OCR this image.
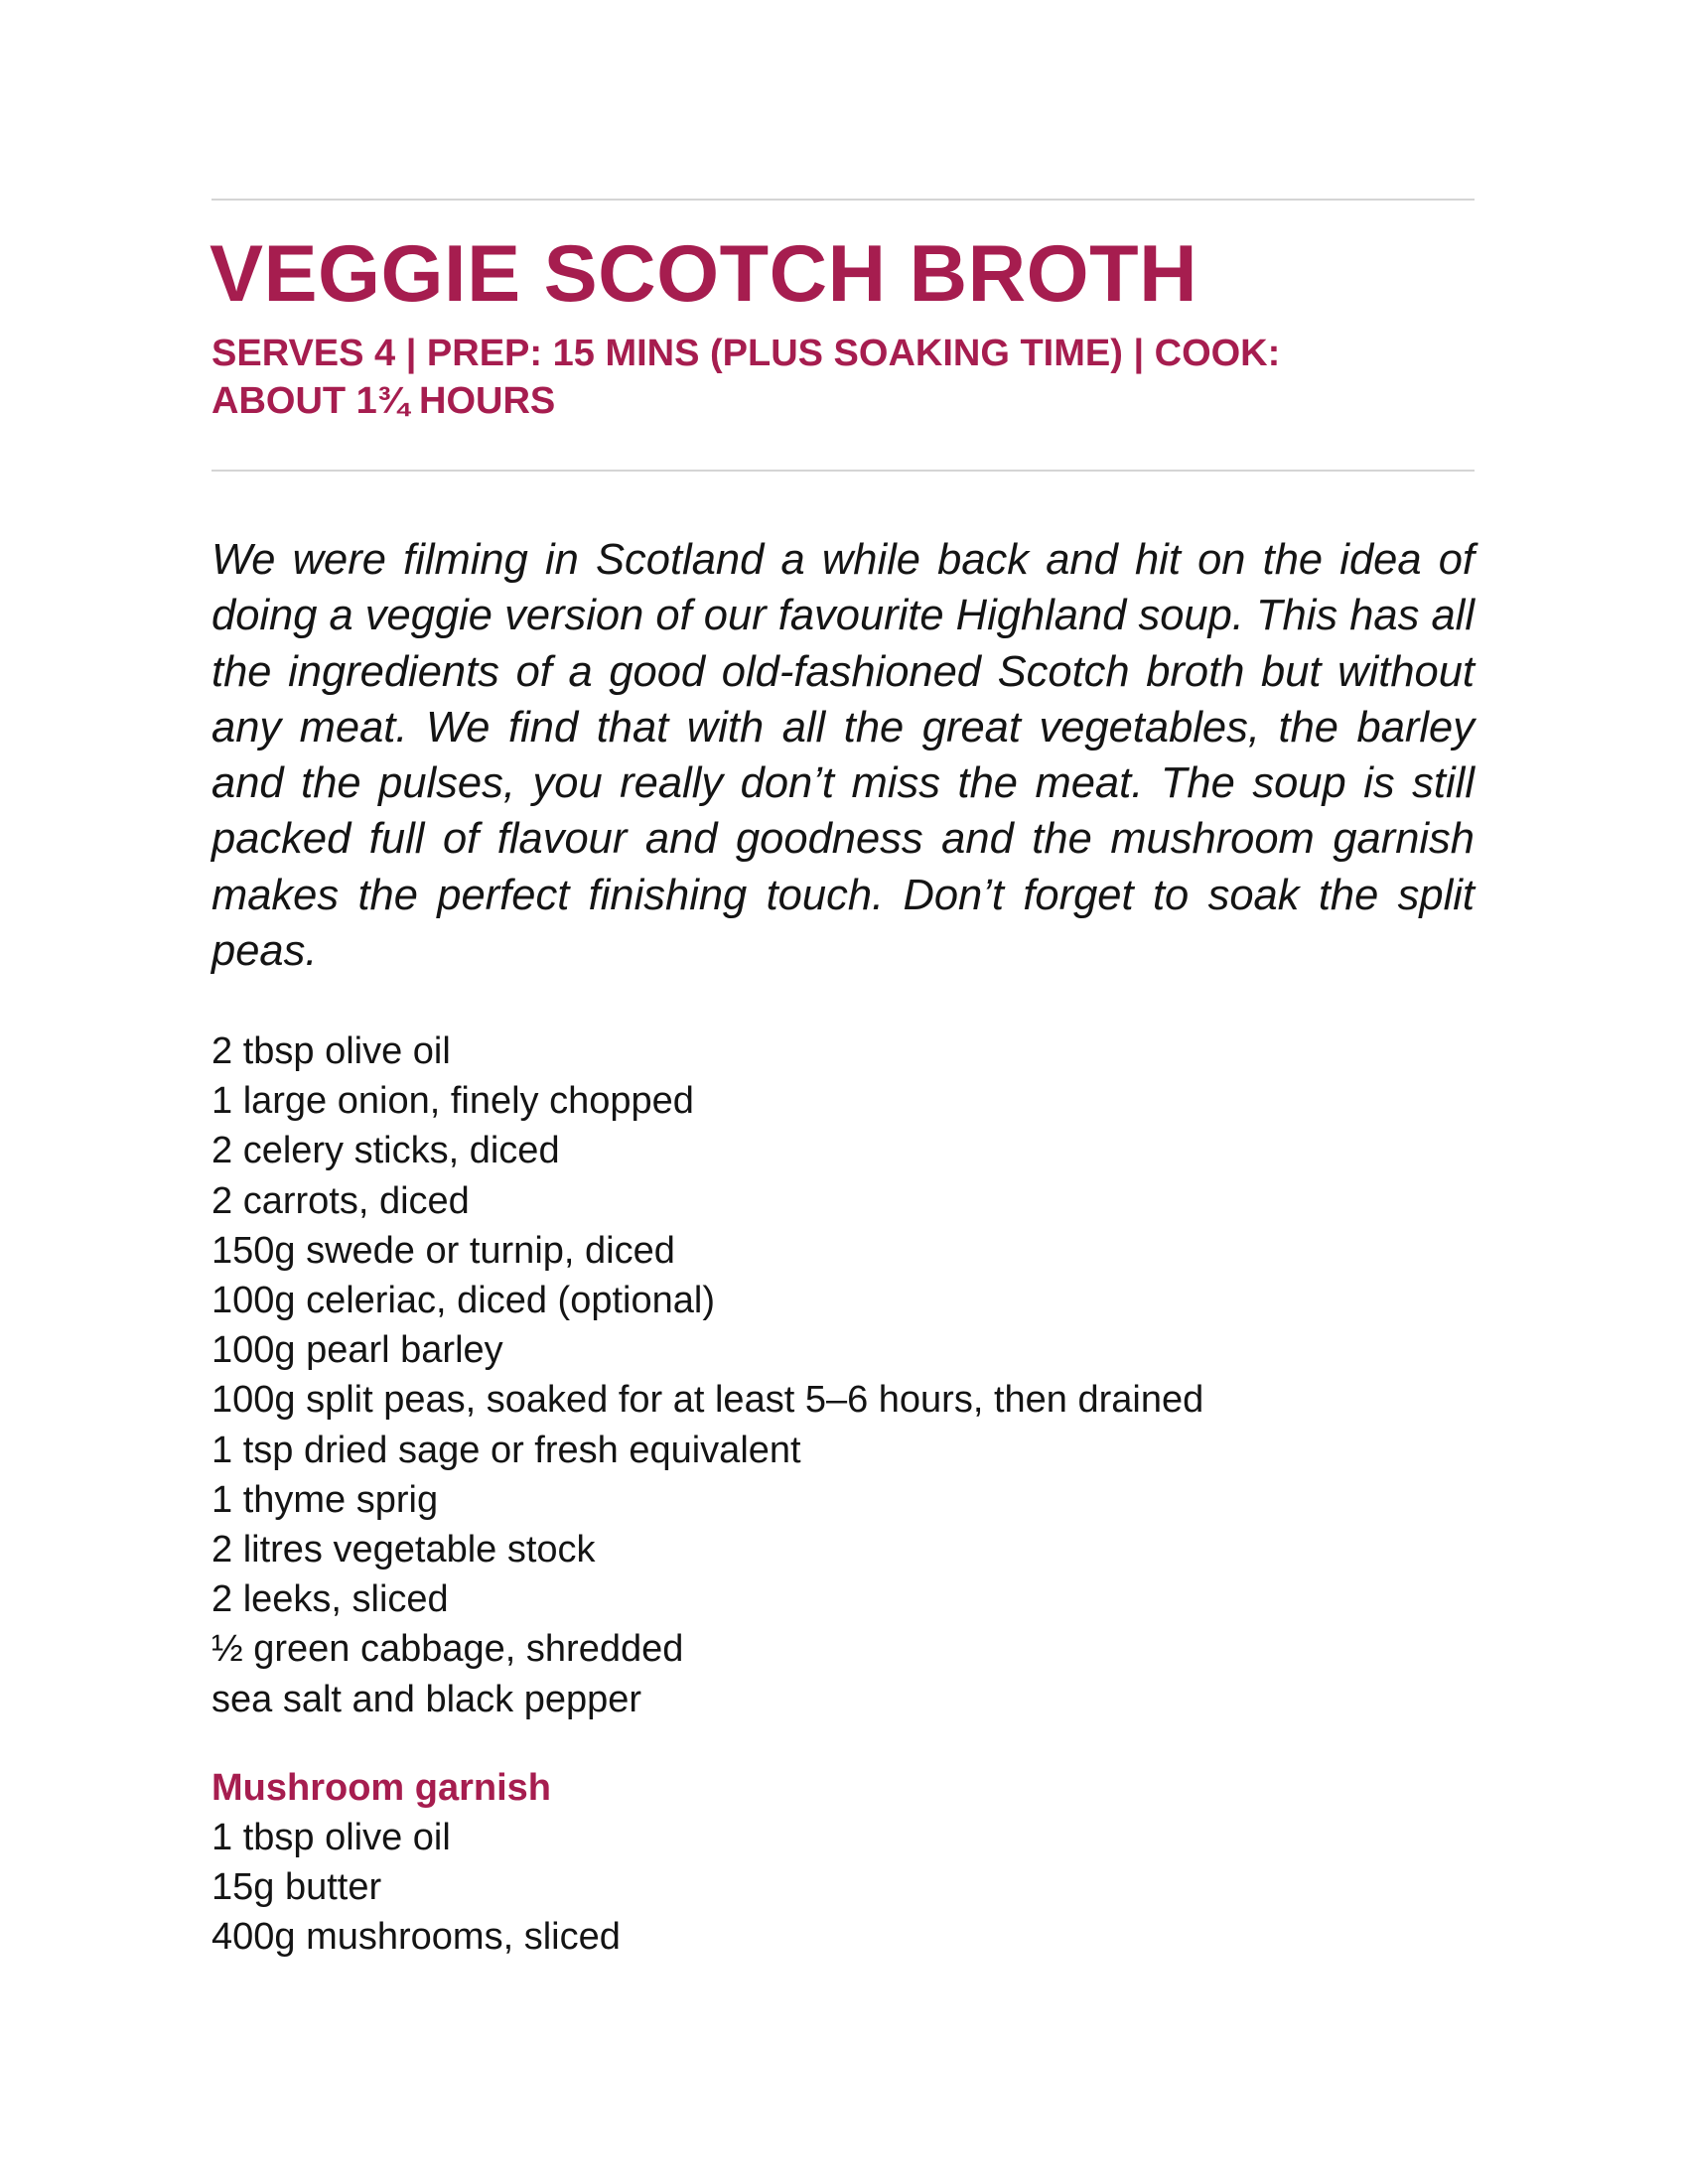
VEGGIE SCOTCH BROTH

SERVES 4 | PREP: 15 MINS (PLUS SOAKING TIME) | COOK:
ABOUT 1¾ HOURS

We were filming in Scotland a while back and hit on the idea of doing a veggie version of our favourite Highland soup. This has all the ingredients of a good old-fashioned Scotch broth but without any meat. We find that with all the great vegetables, the barley and the pulses, you really don’t miss the meat. The soup is still packed full of flavour and goodness and the mushroom garnish makes the perfect finishing touch. Don’t forget to soak the split peas.

2 tbsp olive oil
1 large onion, finely chopped
2 celery sticks, diced
2 carrots, diced
150g swede or turnip, diced
100g celeriac, diced (optional)
100g pearl barley
100g split peas, soaked for at least 5–6 hours, then drained
1 tsp dried sage or fresh equivalent
1 thyme sprig
2 litres vegetable stock
2 leeks, sliced
½ green cabbage, shredded
sea salt and black pepper
Mushroom garnish
1 tbsp olive oil
15g butter
400g mushrooms, sliced
